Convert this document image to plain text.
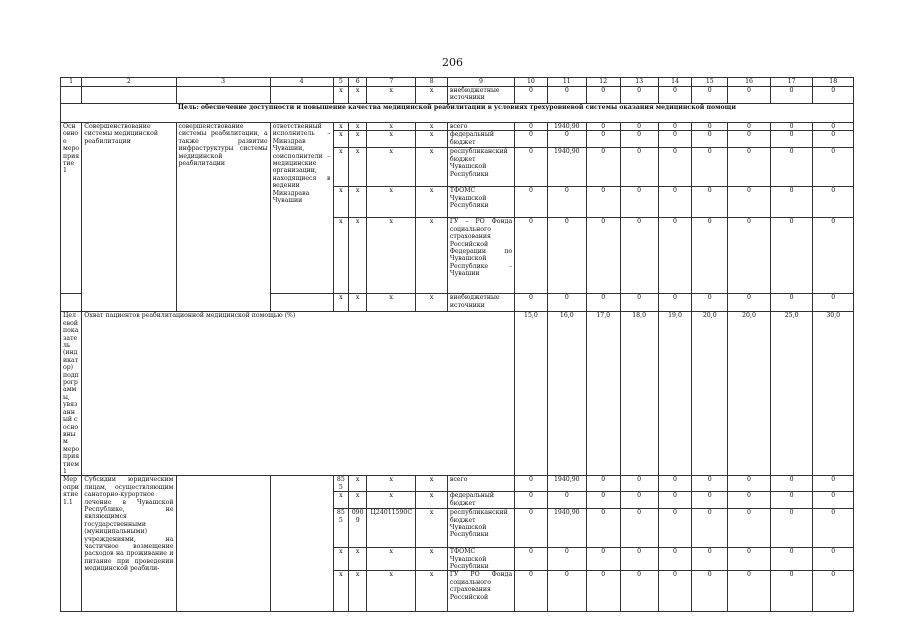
206
1	2	3	4	5	6	7	8	9	10	11	12	13	14	15	16	17	18
				x	x	x	x	внебюджетные источники	0	0	0	0	0	0	0	0	0
Цель: обеспечение доступности и повышение качества медицинской реабилитации в условиях трехуровневой системы оказания медицинской помощи																	
Основное мероприятие 1	Совершенствование системы медицинской реабилитации	совершенствование системы реабилитации, а также развитие инфраструктуры системы медицинской реабилитации	ответственный исполнитель – Минздрав Чувашии, соисполнители – медицинские организации, находящиеся в ведении Минздрава Чувашии	x	x	x	x	всего	0	1940,90	0	0	0	0	0	0	0
				x	x	x	x	федеральный бюджет	0	0	0	0	0	0	0	0	0
				x	x	x	x	республиканский бюджет Чувашской Республики	0	1940,90	0	0	0	0	0	0	0
				x	x	x	x	ТФОМС Чувашской Республики	0	0	0	0	0	0	0	0	0
				x	x	x	x	ГУ – РО Фонда социального страхования Российской Федерации по Чувашской Республике – Чувашии	0	0	0	0	0	0	0	0	0
				x	x	x	x	внебюджетные источники	0	0	0	0	0	0	0	0	0
Целевой показатель (индикатор) подпрограммы, увязанный с основным мероприятием 1	Охват пациентов реабилитационной медицинской помощью (%)								15,0	16,0	17,0	18,0	19,0	20,0	20,0	25,0	30,0
Мероприятие 1.1	Субсидии юридическим лицам, осуществляющим санаторно-курортное лечение в Чувашской Республике, не являющимся государственными (муниципальными) учреждениями, на частичное возмещение расходов на проживание и питание при проведении медицинской реабили-			855	x	x	x	всего	0	1940,90	0	0	0	0	0	0	0
				x	x	x	x	федеральный бюджет	0	0	0	0	0	0	0	0	0
				855	0909	Ц24011590С	x	республиканский бюджет Чувашской Республики	0	1940,90	0	0	0	0	0	0	0
				x	x	x	x	ТФОМС Чувашской Республики	0	0	0	0	0	0	0	0	0
				x	x	x	x	ГУ РО Фонда социального страхования Российской	0	0	0	0	0	0	0	0	0
